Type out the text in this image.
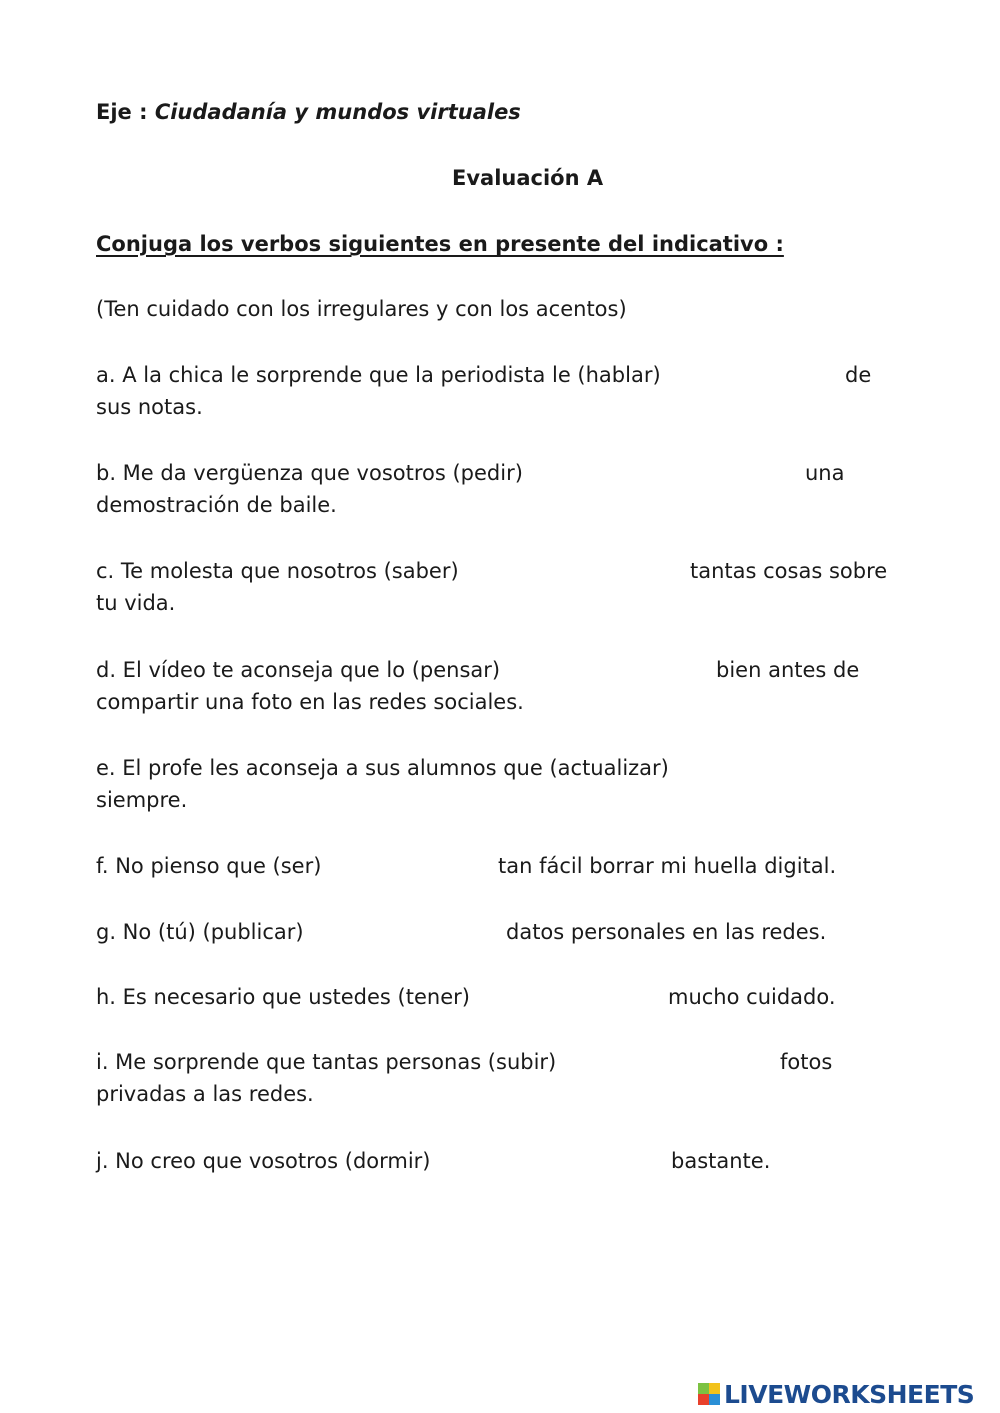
Eje : Ciudadanía y mundos virtuales
Evaluación A
Conjuga los verbos siguientes en presente del indicativo :
(Ten cuidado con los irregulares y con los acentos)
a. A la chica le sorprende que la periodista le (hablar)	de
sus notas.
b. Me da vergüenza que vosotros (pedir)	una
demostración de baile.
c. Te molesta que nosotros (saber)	tantas cosas sobre
tu vida.
d. El vídeo te aconseja que lo (pensar)	bien antes de
compartir una foto en las redes sociales.
e. El profe les aconseja a sus alumnos que (actualizar)
siempre.
f. No pienso que (ser)	tan fácil borrar mi huella digital.
g. No (tú) (publicar)	datos personales en las redes.
h. Es necesario que ustedes (tener)	mucho cuidado.
i. Me sorprende que tantas personas (subir)	fotos
privadas a las redes.
j. No creo que vosotros (dormir)	bastante.
LIVEWORKSHEETS
